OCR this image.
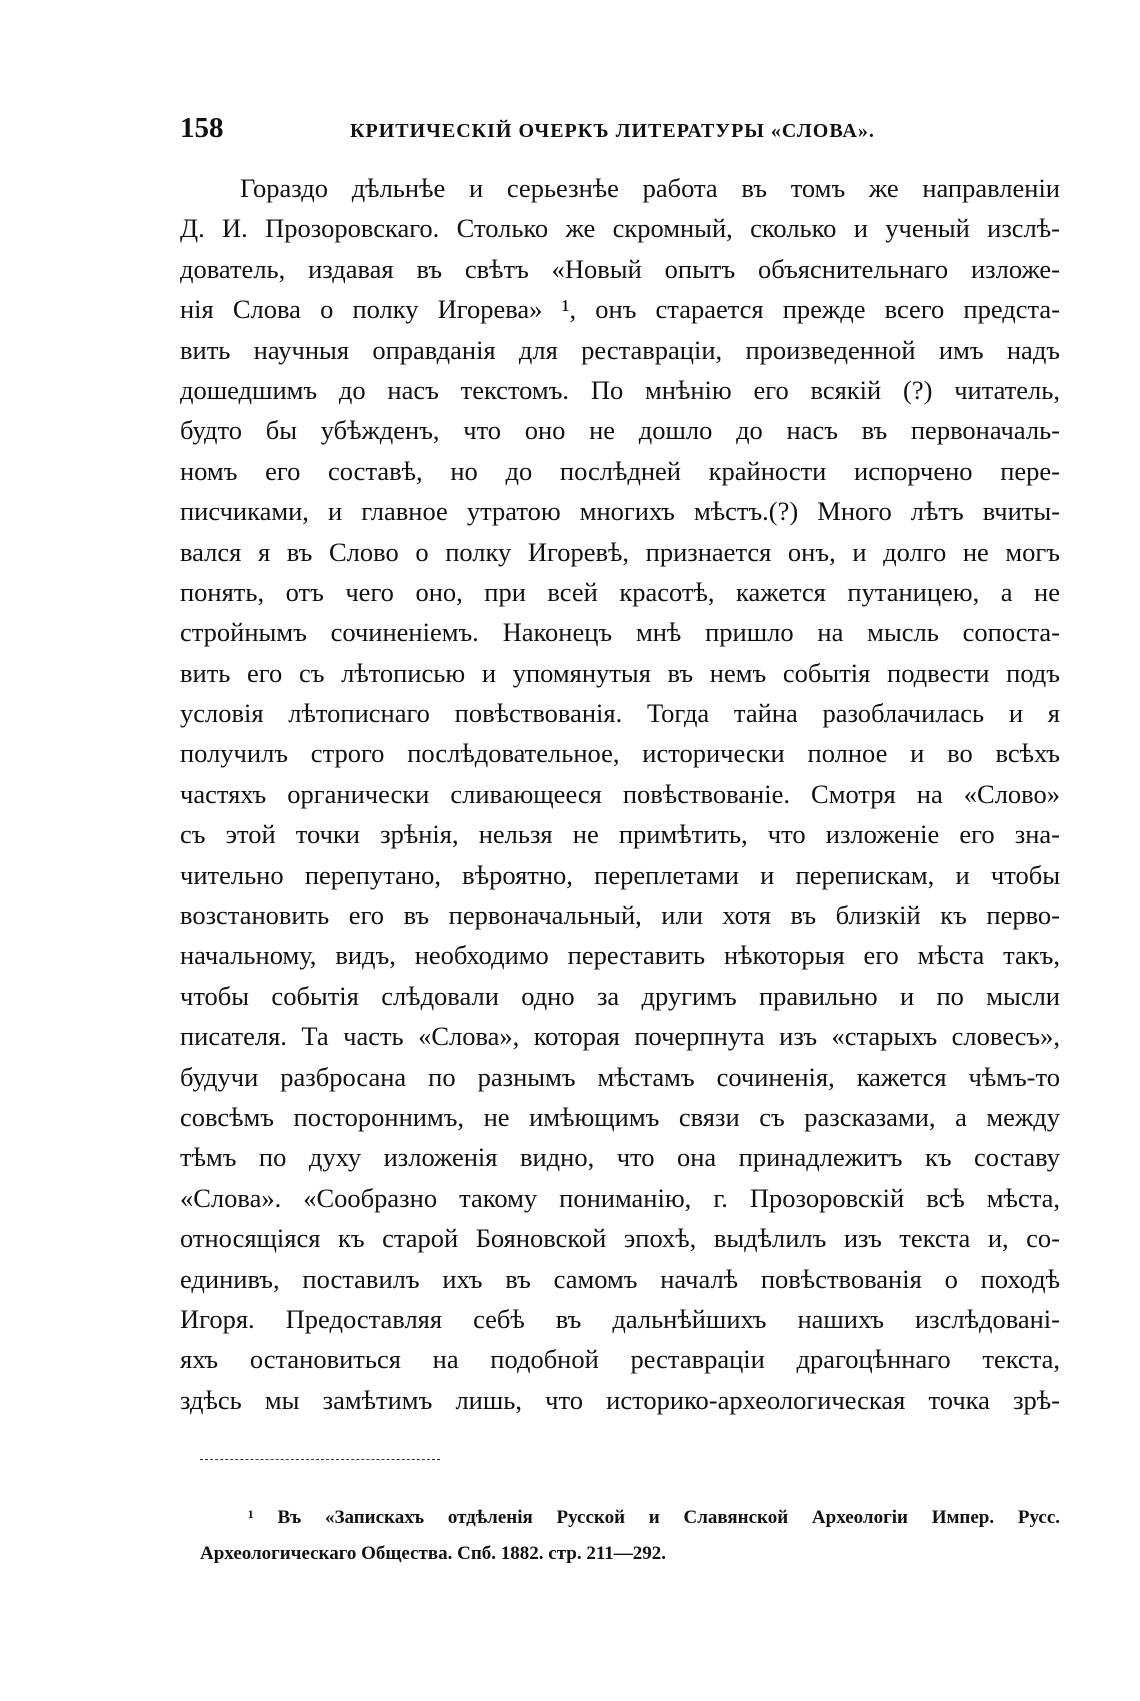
158	КРИТИЧЕСКІЙ ОЧЕРКЪ ЛИТЕРАТУРЫ «СЛОВА».
Гораздо дѣльнѣе и серьезнѣе работа въ томъ же направленіи
Д. И. Прозоровскаго. Столько же скромный, сколько и ученый изслѣ-
дователь, издавая въ свѣтъ «Новый опытъ объяснительнаго изложе-
нія Слова о полку Игорева» ¹, онъ старается прежде всего предста-
вить научныя оправданія для реставраціи, произведенной имъ надъ
дошедшимъ до насъ текстомъ. По мнѣнію его всякій (?) читатель,
будто бы убѣжденъ, что оно не дошло до насъ въ первоначаль-
номъ его составѣ, но до послѣдней крайности испорчено пере-
писчиками, и главное утратою многихъ мѣстъ.(?) Много лѣтъ вчиты-
вался я въ Слово о полку Игоревѣ, признается онъ, и долго не могъ
понять, отъ чего оно, при всей красотѣ, кажется путаницею, а не
стройнымъ сочиненіемъ. Наконецъ мнѣ пришло на мысль сопоста-
вить его съ лѣтописью и упомянутыя въ немъ событія подвести подъ
условія лѣтописнаго повѣствованія. Тогда тайна разоблачилась и я
получилъ строго послѣдовательное, исторически полное и во всѣхъ
частяхъ органически сливающееся повѣствованіе. Смотря на «Слово»
съ этой точки зрѣнія, нельзя не примѣтить, что изложеніе его зна-
чительно перепутано, вѣроятно, переплетами и перепискам, и чтобы
возстановить его въ первоначальный, или хотя въ близкій къ перво-
начальному, видъ, необходимо переставить нѣкоторыя его мѣста такъ,
чтобы событія слѣдовали одно за другимъ правильно и по мысли
писателя. Та часть «Слова», которая почерпнута изъ «старыхъ словесъ»,
будучи разбросана по разнымъ мѣстамъ сочиненія, кажется чѣмъ-то
совсѣмъ постороннимъ, не имѣющимъ связи съ разсказами, а между
тѣмъ по духу изложенія видно, что она принадлежитъ къ составу
«Слова». «Сообразно такому пониманію, г. Прозоровскій всѣ мѣста,
относящіяся къ старой Бояновской эпохѣ, выдѣлилъ изъ текста и, со-
единивъ, поставилъ ихъ въ самомъ началѣ повѣствованія о походѣ
Игоря. Предоставляя себѣ въ дальнѣйшихъ нашихъ изслѣдованi-
яхъ остановиться на подобной реставраціи драгоцѣннаго текста,
здѣсь мы замѣтимъ лишь, что историко-археологическая точка зрѣ-
¹ Въ «Запискахъ отдѣленія Русской и Славянской Археологіи Импер. Русс.
Археологическаго Общества. Спб. 1882. стр. 211—292.
